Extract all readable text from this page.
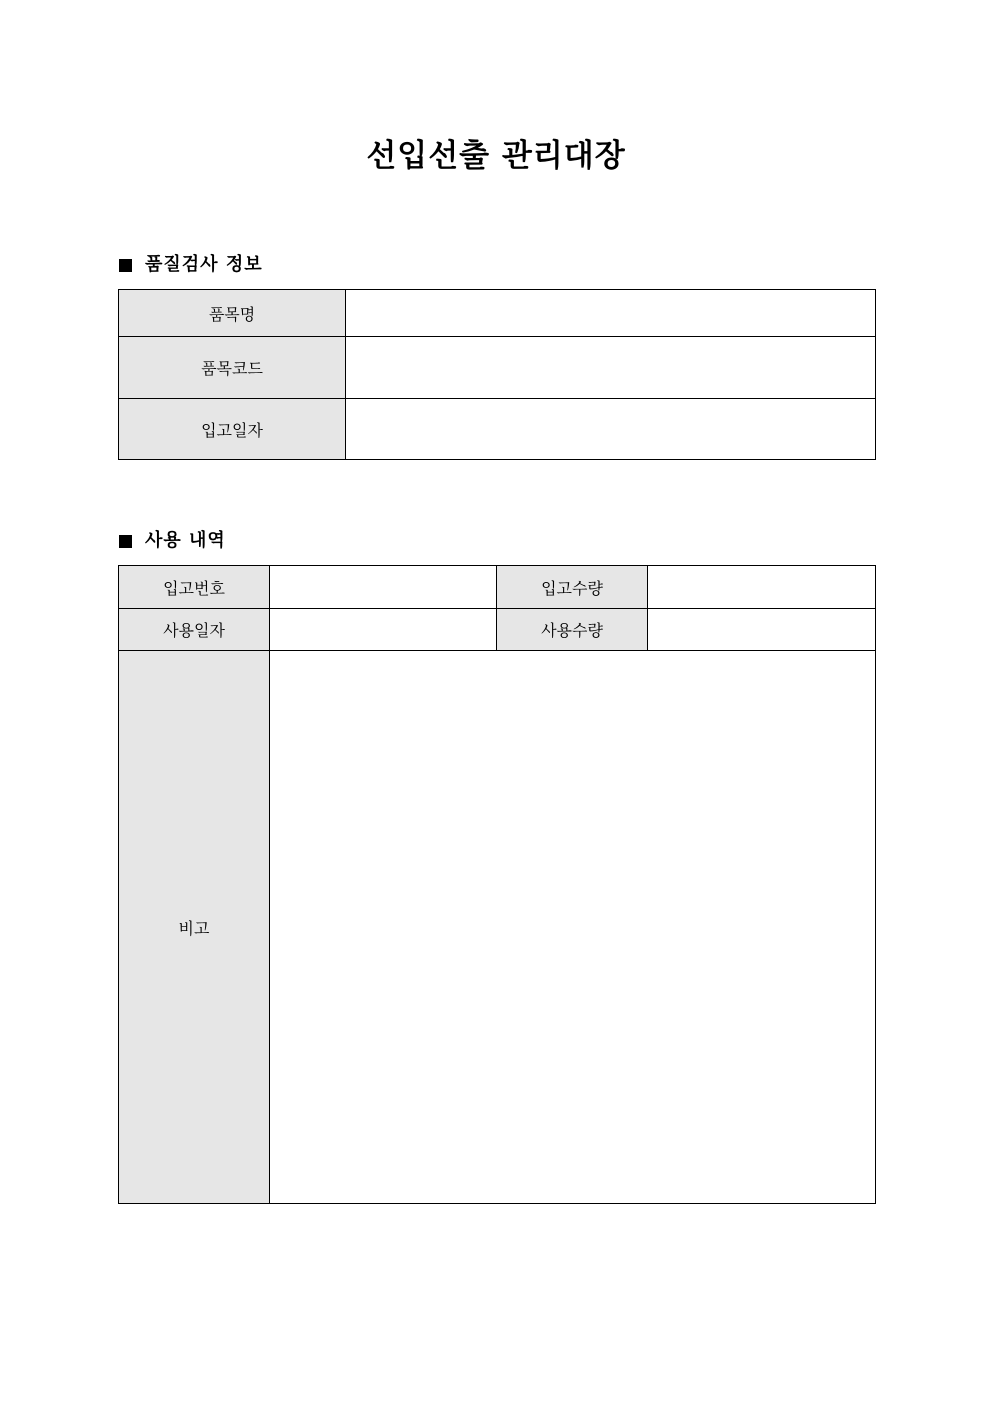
선입선출 관리대장
품질검사 정보
품목명	
품목코드	
입고일자	
사용 내역
입고번호		입고수량	
사용일자		사용수량	
비고			
